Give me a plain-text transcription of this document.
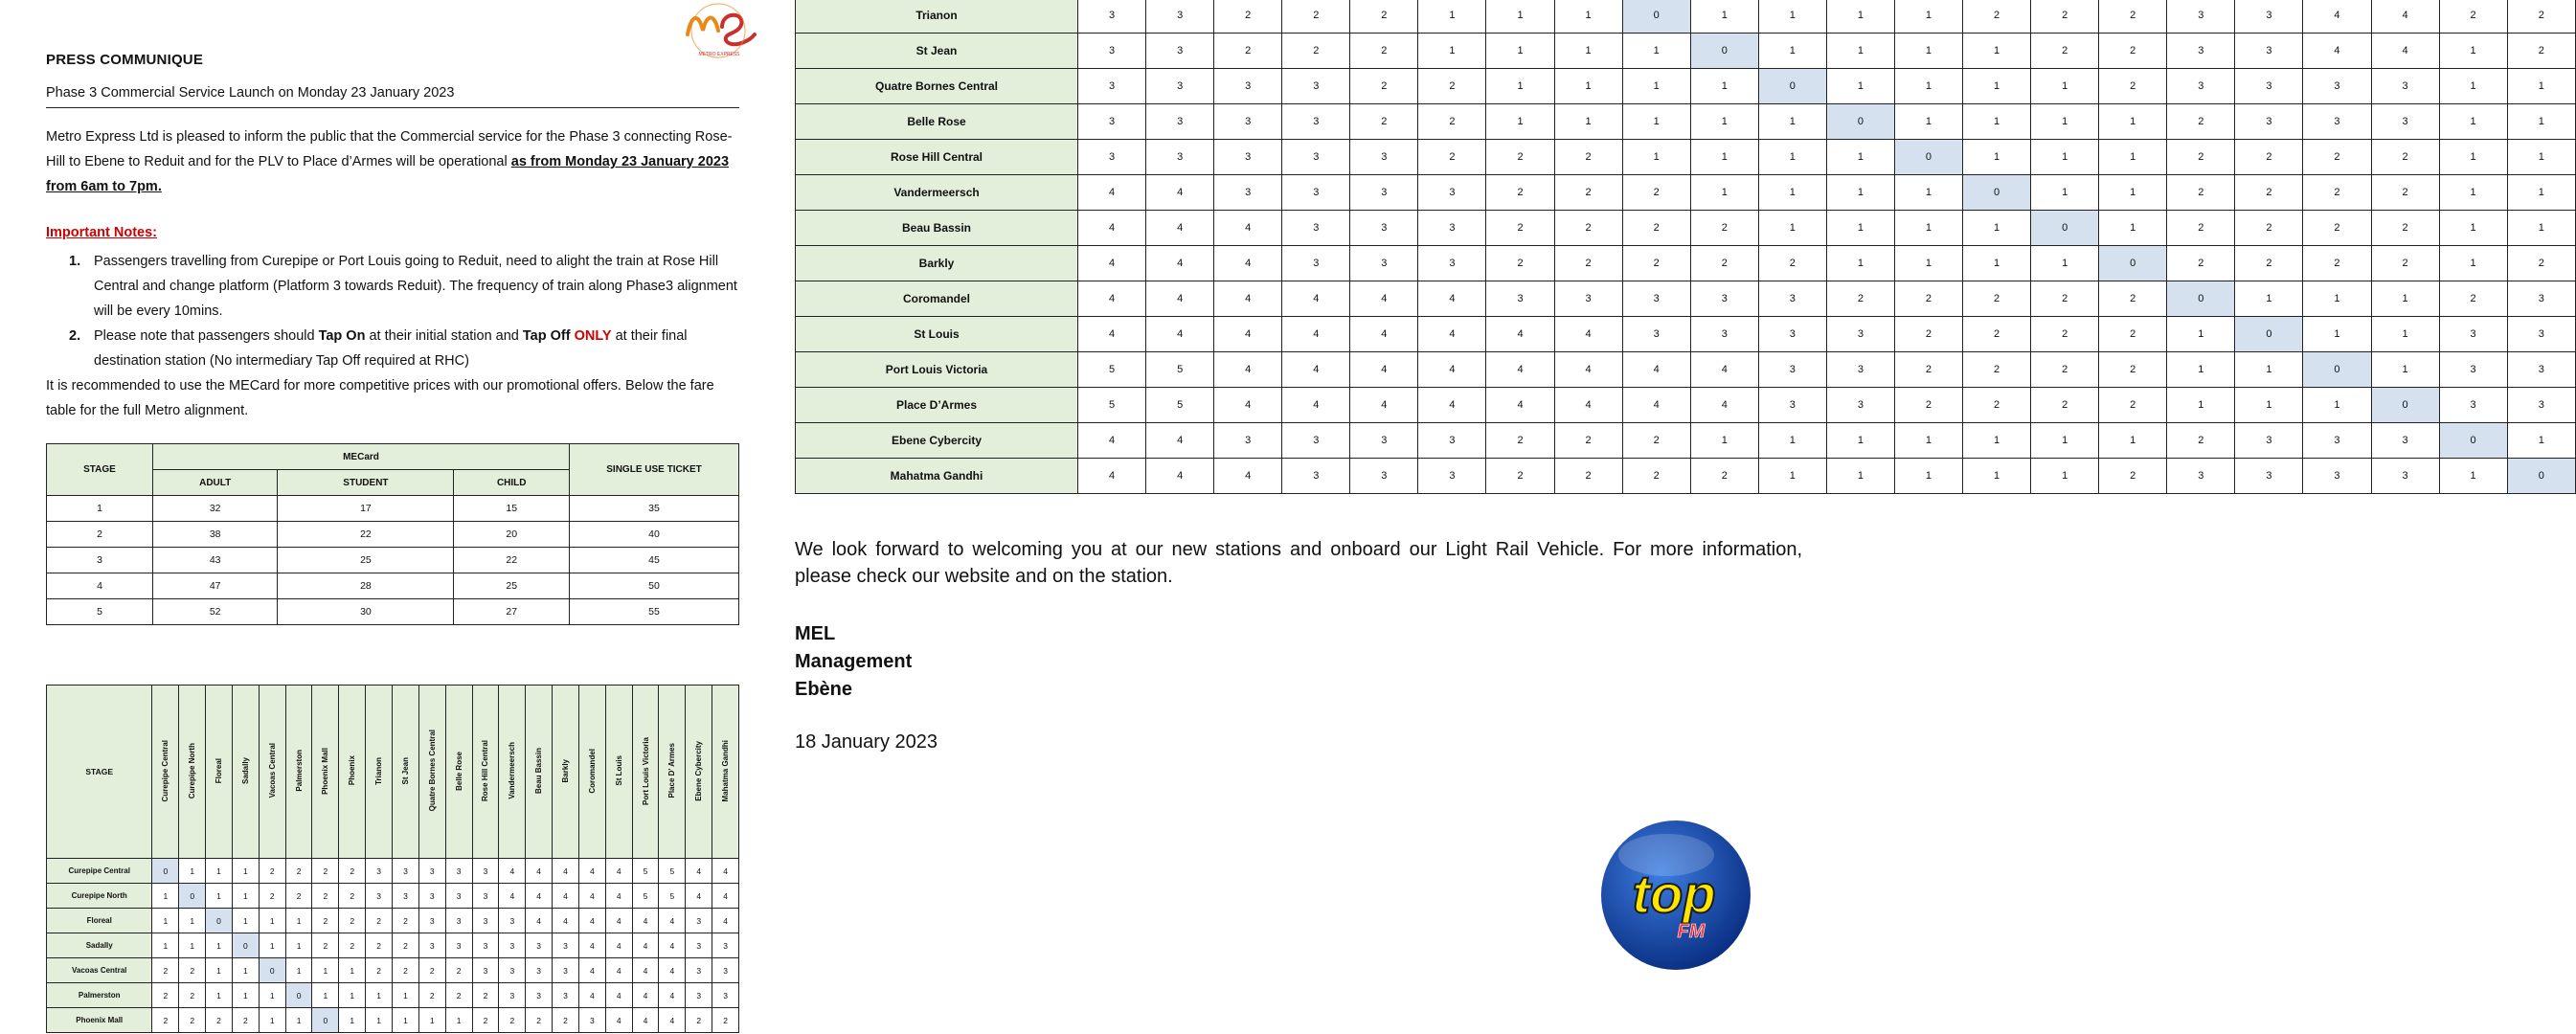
METRO EXPRESS
PRESS COMMUNIQUE
Phase 3 Commercial Service Launch on Monday 23 January 2023
Metro Express Ltd is pleased to inform the public that the Commercial service for the Phase 3 connecting Rose-Hill to Ebene to Reduit and for the PLV to Place d’Armes will be operational as from Monday 23 January 2023 from 6am to 7pm.
Important Notes:
1. Passengers travelling from Curepipe or Port Louis going to Reduit, need to alight the train at Rose Hill Central and change platform (Platform 3 towards Reduit). The frequency of train along Phase3 alignment will be every 10mins.
2. Please note that passengers should Tap On at their initial station and Tap Off ONLY at their final destination station (No intermediary Tap Off required at RHC)
It is recommended to use the MECard for more competitive prices with our promotional offers. Below the fare table for the full Metro alignment.
STAGE	MECard			SINGLE USE TICKET
	ADULT	STUDENT	CHILD	
1	32	17	15	35
2	38	22	20	40
3	43	25	22	45
4	47	28	25	50
5	52	30	27	55
STAGE	Curepipe Central	Curepipe North	Floreal	Sadally	Vacoas Central	Palmerston	Phoenix Mall	Phoenix	Trianon	St Jean	Quatre Bornes Central	Belle Rose	Rose Hill Central	Vandermeersch	Beau Bassin	Barkly	Coromandel	St Louis	Port Louis Victoria	Place D’ Armes	Ebene Cybercity	Mahatma Gandhi
Curepipe Central	0	1	1	1	2	2	2	2	3	3	3	3	3	4	4	4	4	4	5	5	4	4
Curepipe North	1	0	1	1	2	2	2	2	3	3	3	3	3	4	4	4	4	4	5	5	4	4
Floreal	1	1	0	1	1	1	2	2	2	2	3	3	3	3	4	4	4	4	4	4	3	4
Sadally	1	1	1	0	1	1	2	2	2	2	3	3	3	3	3	3	4	4	4	4	3	3
Vacoas Central	2	2	1	1	0	1	1	1	2	2	2	2	3	3	3	3	4	4	4	4	3	3
Palmerston	2	2	1	1	1	0	1	1	1	1	2	2	2	3	3	3	4	4	4	4	3	3
Phoenix Mall	2	2	2	2	1	1	0	1	1	1	1	1	2	2	2	2	3	4	4	4	2	2
Trianon	3	3	2	2	2	1	1	1	0	1	1	1	1	2	2	2	3	3	4	4	2	2
St Jean	3	3	2	2	2	1	1	1	1	0	1	1	1	1	2	2	3	3	4	4	1	2
Quatre Bornes Central	3	3	3	3	2	2	1	1	1	1	0	1	1	1	1	2	3	3	3	3	1	1
Belle Rose	3	3	3	3	2	2	1	1	1	1	1	0	1	1	1	1	2	3	3	3	1	1
Rose Hill Central	3	3	3	3	3	2	2	2	1	1	1	1	0	1	1	1	2	2	2	2	1	1
Vandermeersch	4	4	3	3	3	3	2	2	2	1	1	1	1	0	1	1	2	2	2	2	1	1
Beau Bassin	4	4	4	3	3	3	2	2	2	2	1	1	1	1	0	1	2	2	2	2	1	1
Barkly	4	4	4	3	3	3	2	2	2	2	2	1	1	1	1	0	2	2	2	2	1	2
Coromandel	4	4	4	4	4	4	3	3	3	3	3	2	2	2	2	2	0	1	1	1	2	3
St Louis	4	4	4	4	4	4	4	4	3	3	3	3	2	2	2	2	1	0	1	1	3	3
Port Louis Victoria	5	5	4	4	4	4	4	4	4	4	3	3	2	2	2	2	1	1	0	1	3	3
Place D’Armes	5	5	4	4	4	4	4	4	4	4	3	3	2	2	2	2	1	1	1	0	3	3
Ebene Cybercity	4	4	3	3	3	3	2	2	2	1	1	1	1	1	1	1	2	3	3	3	0	1
Mahatma Gandhi	4	4	4	3	3	3	2	2	2	2	1	1	1	1	1	2	3	3	3	3	1	0
We look forward to welcoming you at our new stations and onboard our Light Rail Vehicle. For more information, please check our website and on the station.
MEL
Management
Ebène
18 January 2023
top
FM
